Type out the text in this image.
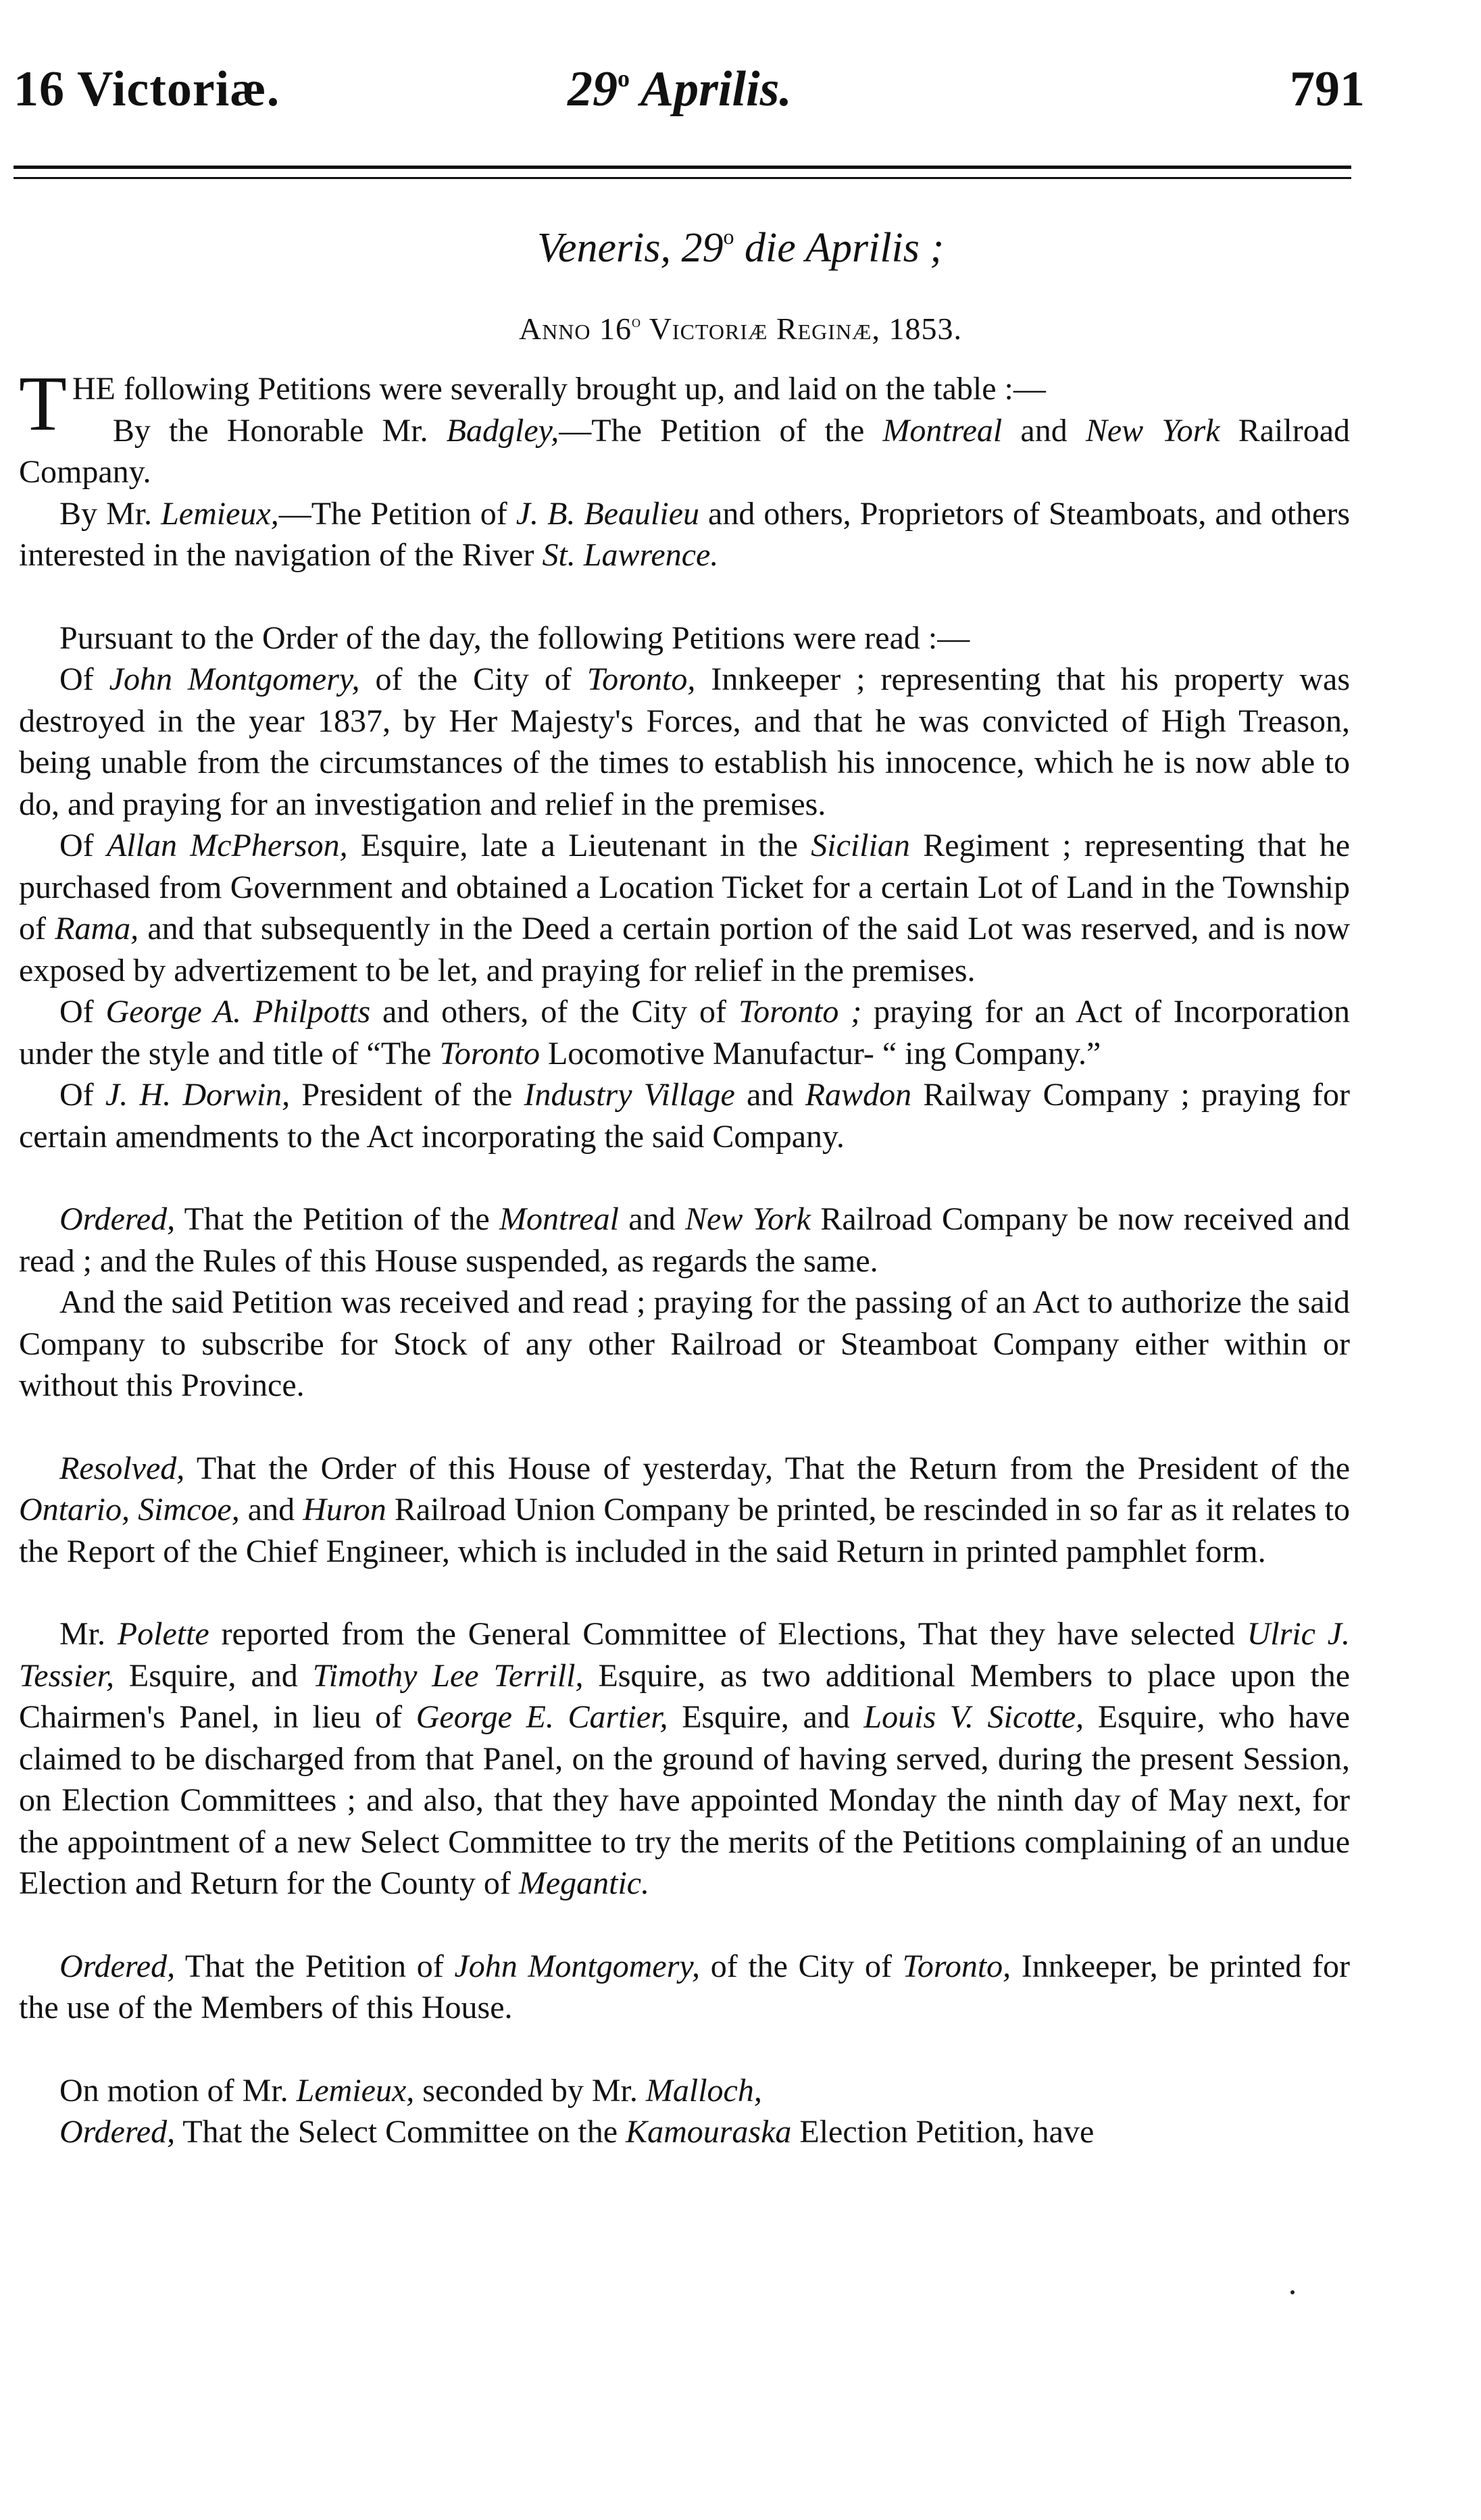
16 Victoriæ.	29$^o$ Aprilis.	791
Veneris, 29$^o$ die Aprilis ;
Anno 16$^o$ Victoriæ Reginæ, 1853.

THE following Petitions were severally brought up, and laid on the table :—

By the Honorable Mr. Badgley,—The Petition of the Montreal and New York Railroad Company.

By Mr. Lemieux,—The Petition of J. B. Beaulieu and others, Proprietors of Steamboats, and others interested in the navigation of the River St. Lawrence.

Pursuant to the Order of the day, the following Petitions were read :—

Of John Montgomery, of the City of Toronto, Innkeeper ; representing that his property was destroyed in the year 1837, by Her Majesty's Forces, and that he was convicted of High Treason, being unable from the circumstances of the times to establish his innocence, which he is now able to do, and praying for an investigation and relief in the premises.

Of Allan McPherson, Esquire, late a Lieutenant in the Sicilian Regiment ; representing that he purchased from Government and obtained a Location Ticket for a certain Lot of Land in the Township of Rama, and that subsequently in the Deed a certain portion of the said Lot was reserved, and is now exposed by advertizement to be let, and praying for relief in the premises.

Of George A. Philpotts and others, of the City of Toronto ; praying for an Act of Incorporation under the style and title of “The Toronto Locomotive Manufactur- “ ing Company.”

Of J. H. Dorwin, President of the Industry Village and Rawdon Railway Company ; praying for certain amendments to the Act incorporating the said Company.

Ordered, That the Petition of the Montreal and New York Railroad Company be now received and read ; and the Rules of this House suspended, as regards the same.

And the said Petition was received and read ; praying for the passing of an Act to authorize the said Company to subscribe for Stock of any other Railroad or Steamboat Company either within or without this Province.

Resolved, That the Order of this House of yesterday, That the Return from the President of the Ontario, Simcoe, and Huron Railroad Union Company be printed, be rescinded in so far as it relates to the Report of the Chief Engineer, which is included in the said Return in printed pamphlet form.

Mr. Polette reported from the General Committee of Elections, That they have selected Ulric J. Tessier, Esquire, and Timothy Lee Terrill, Esquire, as two additional Members to place upon the Chairmen's Panel, in lieu of George E. Cartier, Esquire, and Louis V. Sicotte, Esquire, who have claimed to be discharged from that Panel, on the ground of having served, during the present Session, on Election Committees ; and also, that they have appointed Monday the ninth day of May next, for the appointment of a new Select Committee to try the merits of the Petitions complaining of an undue Election and Return for the County of Megantic.

Ordered, That the Petition of John Montgomery, of the City of Toronto, Innkeeper, be printed for the use of the Members of this House.

On motion of Mr. Lemieux, seconded by Mr. Malloch,

Ordered, That the Select Committee on the Kamouraska Election Petition, have
